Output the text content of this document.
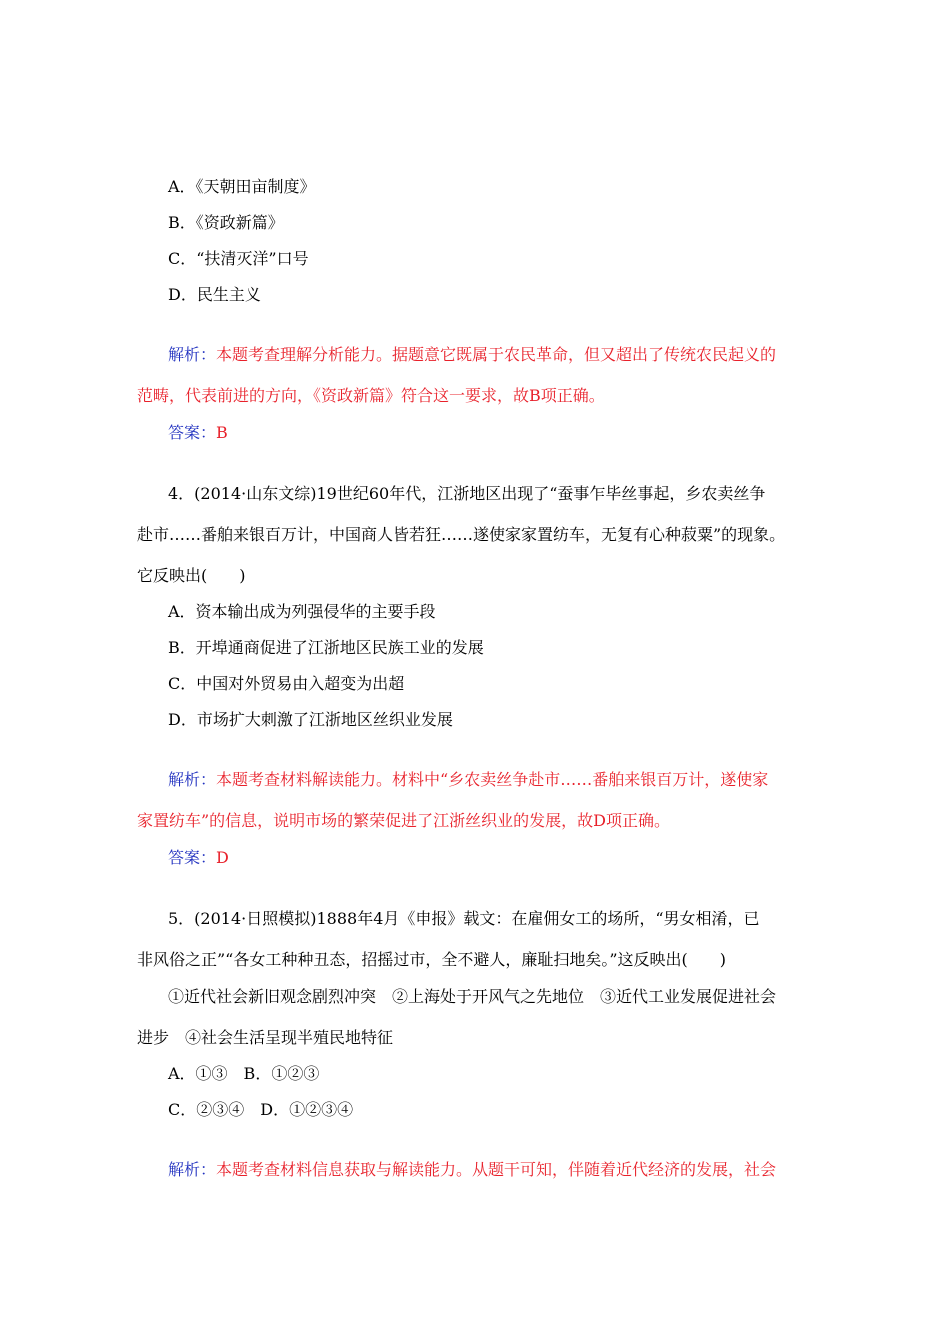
A．《天朝田亩制度》
B．《资政新篇》
C．“扶清灭洋”口号
D．民生主义
解析：本题考查理解分析能力。据题意它既属于农民革命，但又超出了传统农民起义的
范畴，代表前进的方向，《资政新篇》符合这一要求，故B项正确。
答案：B
4．(2014·山东文综)19世纪60年代，江浙地区出现了“蚕事乍毕丝事起，乡农卖丝争
赴市……番舶来银百万计，中国商人皆若狂……遂使家家置纺车，无复有心种菽粟”的现象。
它反映出(　　)
A．资本输出成为列强侵华的主要手段
B．开埠通商促进了江浙地区民族工业的发展
C．中国对外贸易由入超变为出超
D．市场扩大刺激了江浙地区丝织业发展
解析：本题考查材料解读能力。材料中“乡农卖丝争赴市……番舶来银百万计，遂使家
家置纺车”的信息，说明市场的繁荣促进了江浙丝织业的发展，故D项正确。
答案：D
5．(2014·日照模拟)1888年4月《申报》载文：在雇佣女工的场所，“男女相淆，已
非风俗之正”“各女工种种丑态，招摇过市，全不避人，廉耻扫地矣。”这反映出(　　)
①近代社会新旧观念剧烈冲突　②上海处于开风气之先地位　③近代工业发展促进社会
进步　④社会生活呈现半殖民地特征
A．①③　B．①②③
C．②③④　D．①②③④
解析：本题考查材料信息获取与解读能力。从题干可知，伴随着近代经济的发展，社会
